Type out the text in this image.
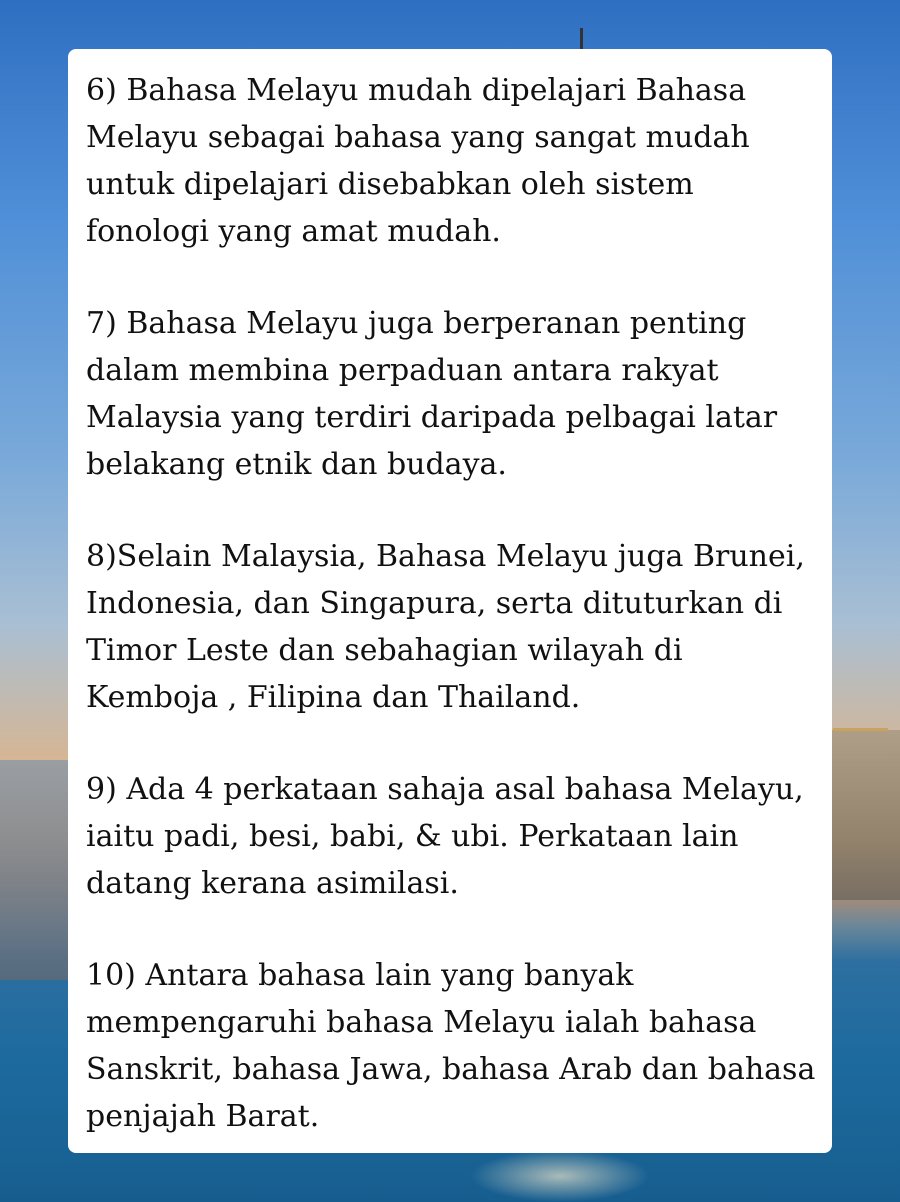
6) Bahasa Melayu mudah dipelajari Bahasa
Melayu sebagai bahasa yang sangat mudah
untuk dipelajari disebabkan oleh sistem
fonologi yang amat mudah.

7) Bahasa Melayu juga berperanan penting
dalam membina perpaduan antara rakyat
Malaysia yang terdiri daripada pelbagai latar
belakang etnik dan budaya.

8)Selain Malaysia, Bahasa Melayu juga Brunei,
Indonesia, dan Singapura, serta dituturkan di
Timor Leste dan sebahagian wilayah di
Kemboja , Filipina dan Thailand.

9) Ada 4 perkataan sahaja asal bahasa Melayu,
iaitu padi, besi, babi, & ubi. Perkataan lain
datang kerana asimilasi.

10) Antara bahasa lain yang banyak
mempengaruhi bahasa Melayu ialah bahasa
Sanskrit, bahasa Jawa, bahasa Arab dan bahasa
penjajah Barat.
